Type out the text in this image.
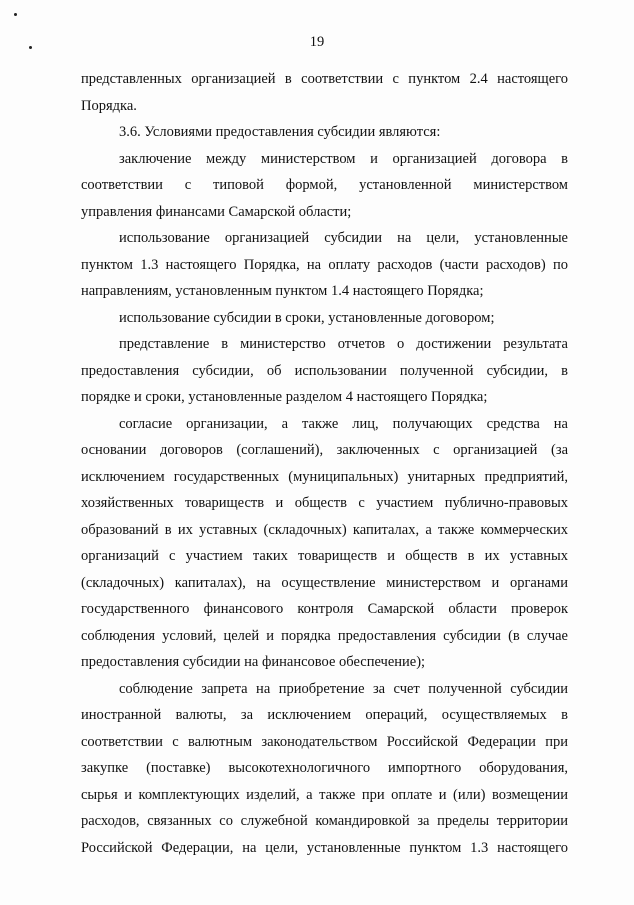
19
представленных организацией в соответствии с пунктом 2.4 настоящего
Порядка.
3.6. Условиями предоставления субсидии являются:
заключение между министерством и организацией договора в
соответствии с типовой формой, установленной министерством
управления финансами Самарской области;
использование организацией субсидии на цели, установленные
пунктом 1.3 настоящего Порядка, на оплату расходов (части расходов) по
направлениям, установленным пунктом 1.4 настоящего Порядка;
использование субсидии в сроки, установленные договором;
представление в министерство отчетов о достижении результата
предоставления субсидии, об использовании полученной субсидии, в
порядке и сроки, установленные разделом 4 настоящего Порядка;
согласие организации, а также лиц, получающих средства на
основании договоров (соглашений), заключенных с организацией (за
исключением государственных (муниципальных) унитарных предприятий,
хозяйственных товариществ и обществ с участием публично-правовых
образований в их уставных (складочных) капиталах, а также коммерческих
организаций с участием таких товариществ и обществ в их уставных
(складочных) капиталах), на осуществление министерством и органами
государственного финансового контроля Самарской области проверок
соблюдения условий, целей и порядка предоставления субсидии (в случае
предоставления субсидии на финансовое обеспечение);
соблюдение запрета на приобретение за счет полученной субсидии
иностранной валюты, за исключением операций, осуществляемых в
соответствии с валютным законодательством Российской Федерации при
закупке (поставке) высокотехнологичного импортного оборудования,
сырья и комплектующих изделий, а также при оплате и (или) возмещении
расходов, связанных со служебной командировкой за пределы территории
Российской Федерации, на цели, установленные пунктом 1.3 настоящего
